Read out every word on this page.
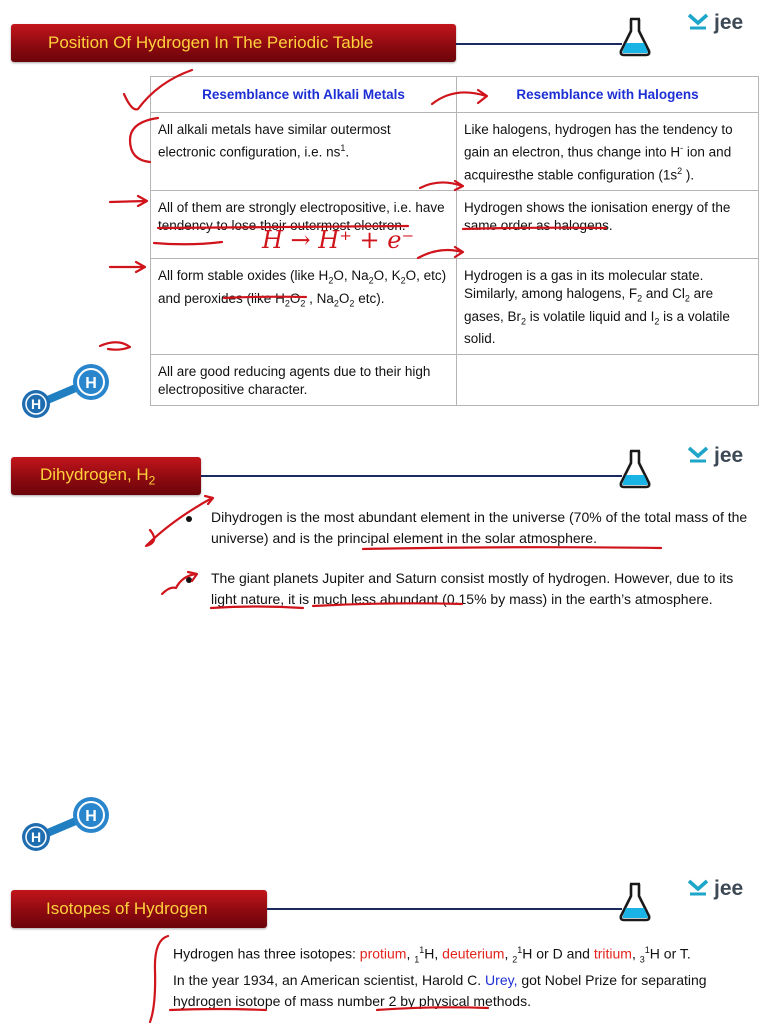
Position Of Hydrogen In The Periodic Table
jee
Resemblance with Alkali Metals	Resemblance with Halogens
All alkali metals have similar outermost electronic configuration, i.e. $ns^1$.	Like halogens, hydrogen has the tendency to gain an electron, thus change into H- ion and acquiresthe stable configuration ($1s^2$ ).
All of them are strongly electropositive, i.e. have tendency to lose their outermost electron.	Hydrogen shows the ionisation energy of the same order as halogens.
All form stable oxides (like $H_2O$, $Na_2O$, $K_2O$, etc) and peroxides (like $H_2O_2$ , $Na_2O_2$ etc).	Hydrogen is a gas in its molecular state. Similarly, among halogens, $F_2$ and $Cl_2$ are gases, $Br_2$ is volatile liquid and $I_2$ is a volatile solid.
All are good reducing agents due to their high electropositive character.	
H → H⁺ + e⁻
H
H
Dihydrogen, $H_2$
jee
Dihydrogen is the most abundant element in the universe (70% of the total mass of the universe) and is the principal element in the solar atmosphere.
The giant planets Jupiter and Saturn consist mostly of hydrogen. However, due to its light nature, it is much less abundant (0.15% by mass) in the earth’s atmosphere.
H
H
Isotopes of Hydrogen
jee
Hydrogen has three isotopes: protium, $_1^1$H, deuterium, $_2^1$H or D and tritium, $_3^1$H or T.
In the year 1934, an American scientist, Harold C. Urey, got Nobel Prize for separating
hydrogen isotope of mass number 2 by physical methods.
